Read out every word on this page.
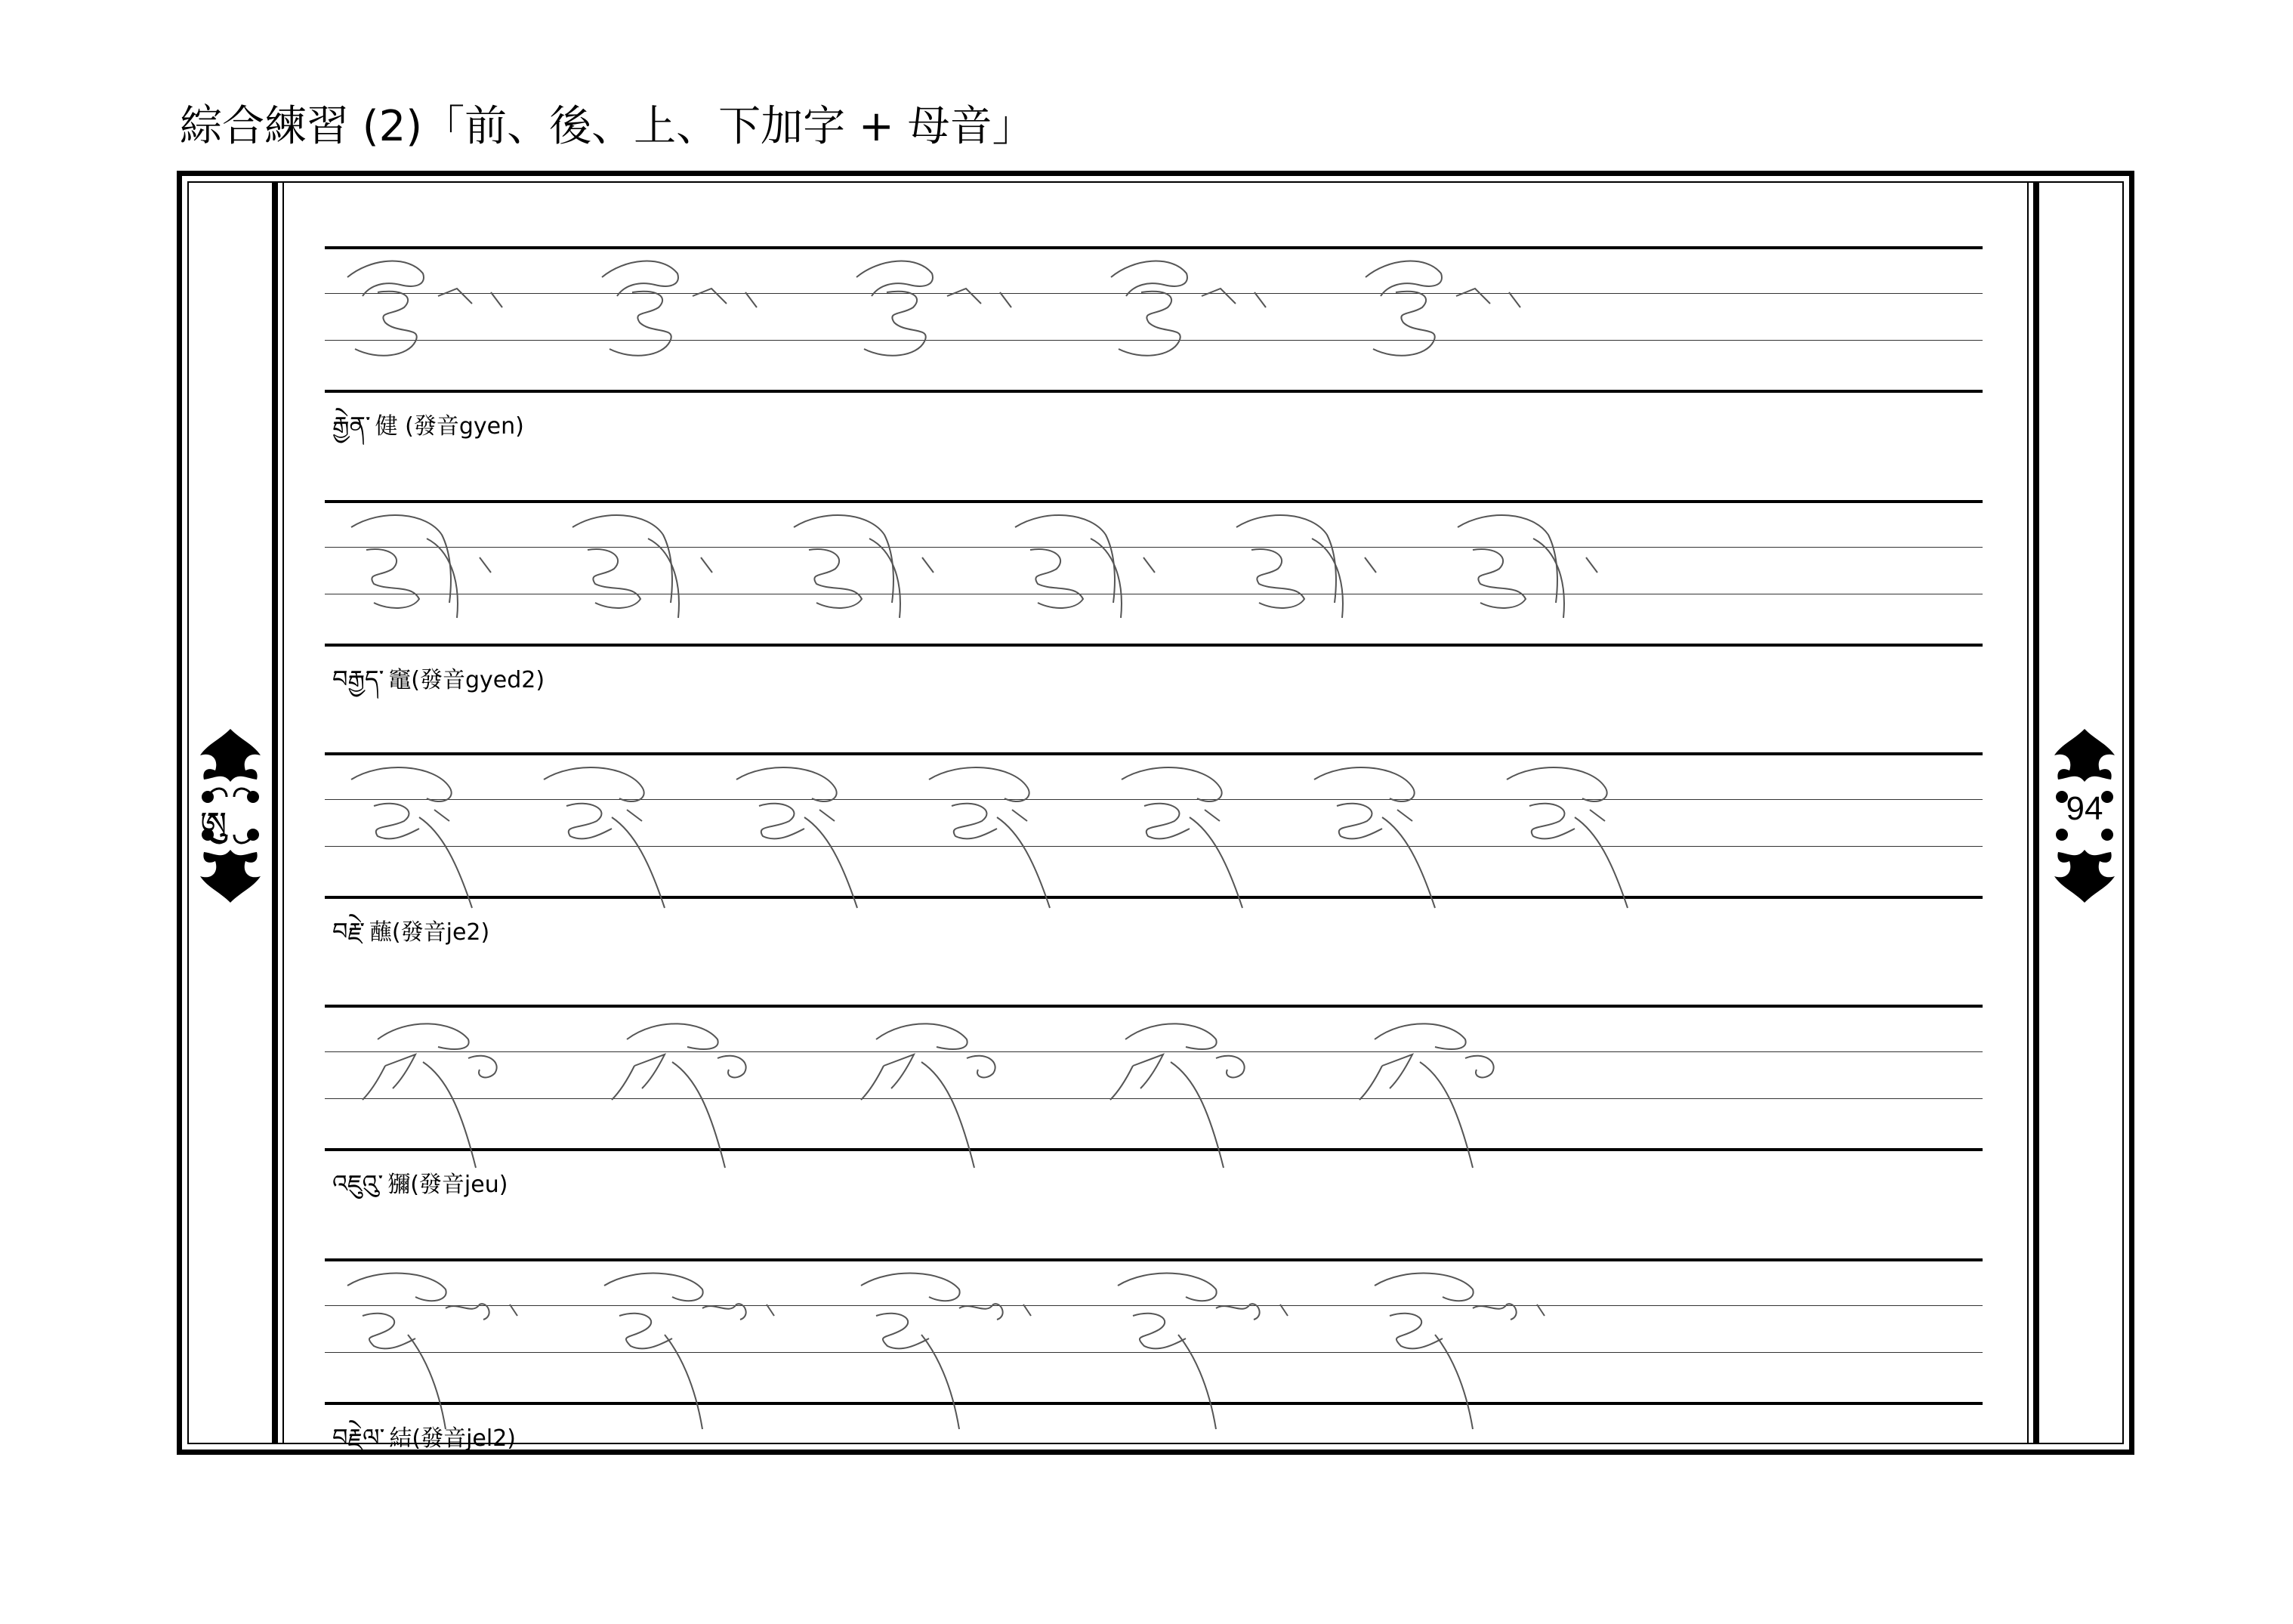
綜合練習 (2)「前、後、上、下加字 + 母音」
ཨུ	94
རྒྱེན་ 健 (發音gyen)
བརྒྱད་ 竈(發音gyed2)
བརྗེ་ 蘸(發音je2)
འཇུའུ་ 獼(發音jeu)
བརྗེལ་ 結(發音jel2)
